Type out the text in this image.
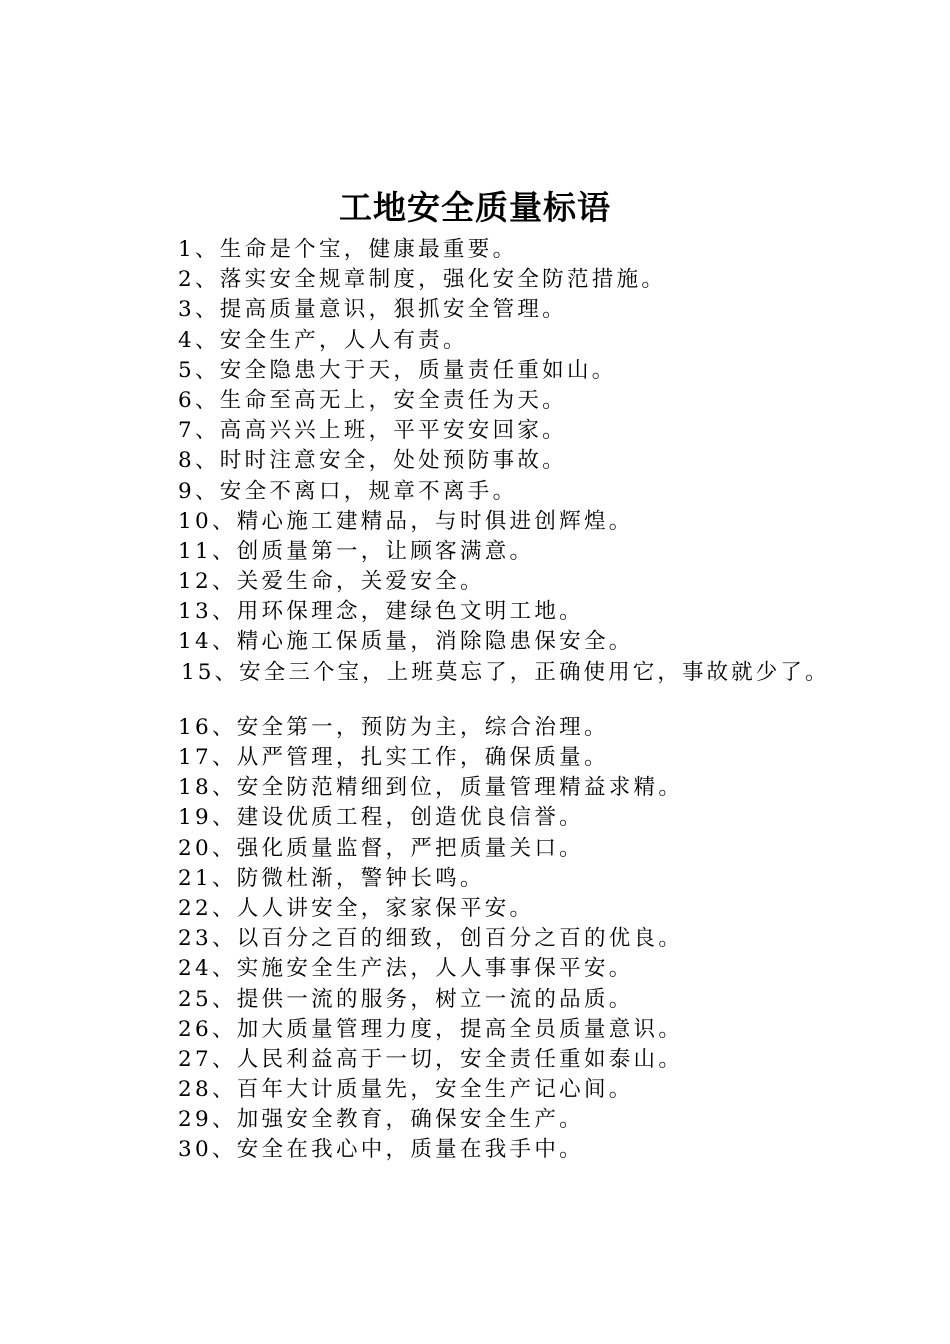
工地安全质量标语
1、生命是个宝，健康最重要。
2、落实安全规章制度，强化安全防范措施。
3、提高质量意识，狠抓安全管理。
4、安全生产，人人有责。
5、安全隐患大于天，质量责任重如山。
6、生命至高无上，安全责任为天。
7、高高兴兴上班，平平安安回家。
8、时时注意安全，处处预防事故。
9、安全不离口，规章不离手。
10、精心施工建精品，与时俱进创辉煌。
11、创质量第一，让顾客满意。
12、关爱生命，关爱安全。
13、用环保理念，建绿色文明工地。
14、精心施工保质量，消除隐患保安全。
15、安全三个宝，上班莫忘了，正确使用它，事故就少了。
16、安全第一，预防为主，综合治理。
17、从严管理，扎实工作，确保质量。
18、安全防范精细到位，质量管理精益求精。
19、建设优质工程，创造优良信誉。
20、强化质量监督，严把质量关口。
21、防微杜渐，警钟长鸣。
22、人人讲安全，家家保平安。
23、以百分之百的细致，创百分之百的优良。
24、实施安全生产法，人人事事保平安。
25、提供一流的服务，树立一流的品质。
26、加大质量管理力度，提高全员质量意识。
27、人民利益高于一切，安全责任重如泰山。
28、百年大计质量先，安全生产记心间。
29、加强安全教育，确保安全生产。
30、安全在我心中，质量在我手中。
